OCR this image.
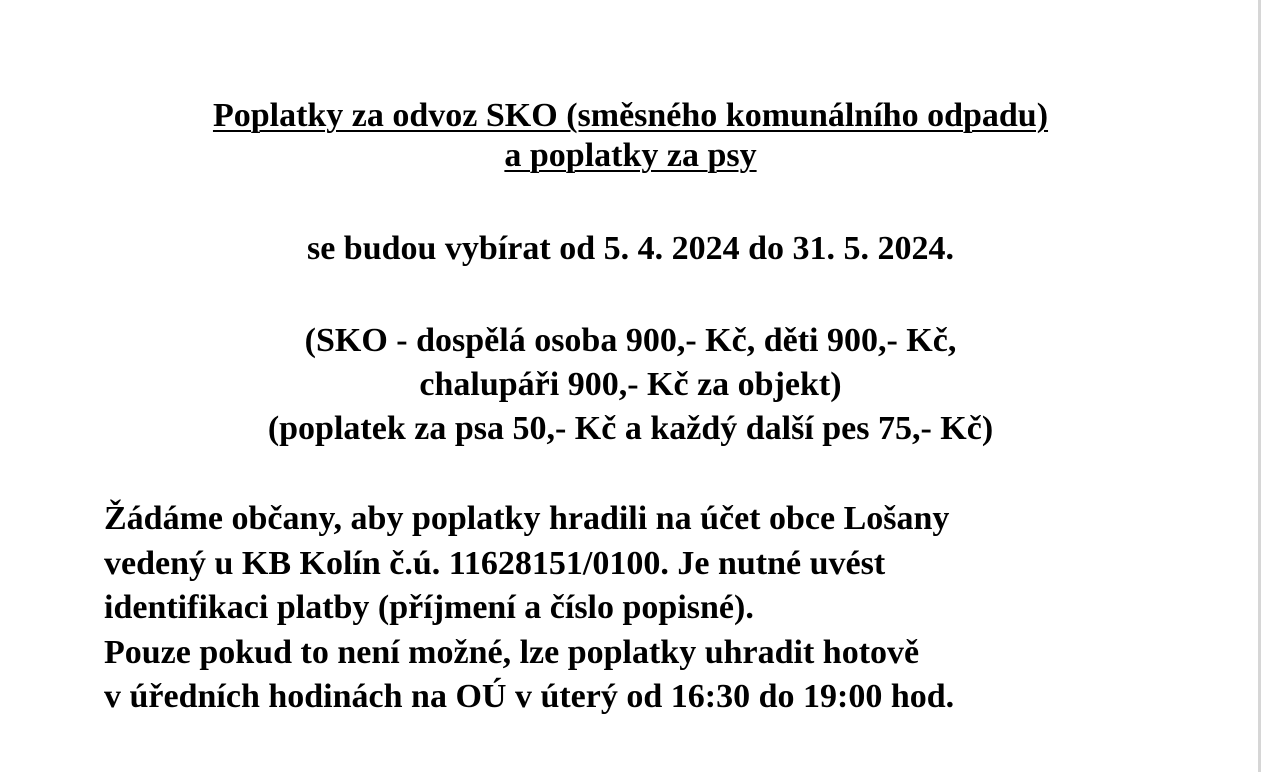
Poplatky za odvoz SKO (směsného komunálního odpadu)
a poplatky za psy
se budou vybírat od 5. 4. 2024 do 31. 5. 2024.
(SKO - dospělá osoba 900,- Kč, děti 900,- Kč,
chalupáři 900,- Kč za objekt)
(poplatek za psa 50,- Kč a každý další pes 75,- Kč)
Žádáme občany, aby poplatky hradili na účet obce Lošany
vedený u KB Kolín č.ú. 11628151/0100. Je nutné uvést
identifikaci platby (příjmení a číslo popisné).
Pouze pokud to není možné, lze poplatky uhradit hotově
v úředních hodinách na OÚ v úterý od 16:30 do 19:00 hod.
